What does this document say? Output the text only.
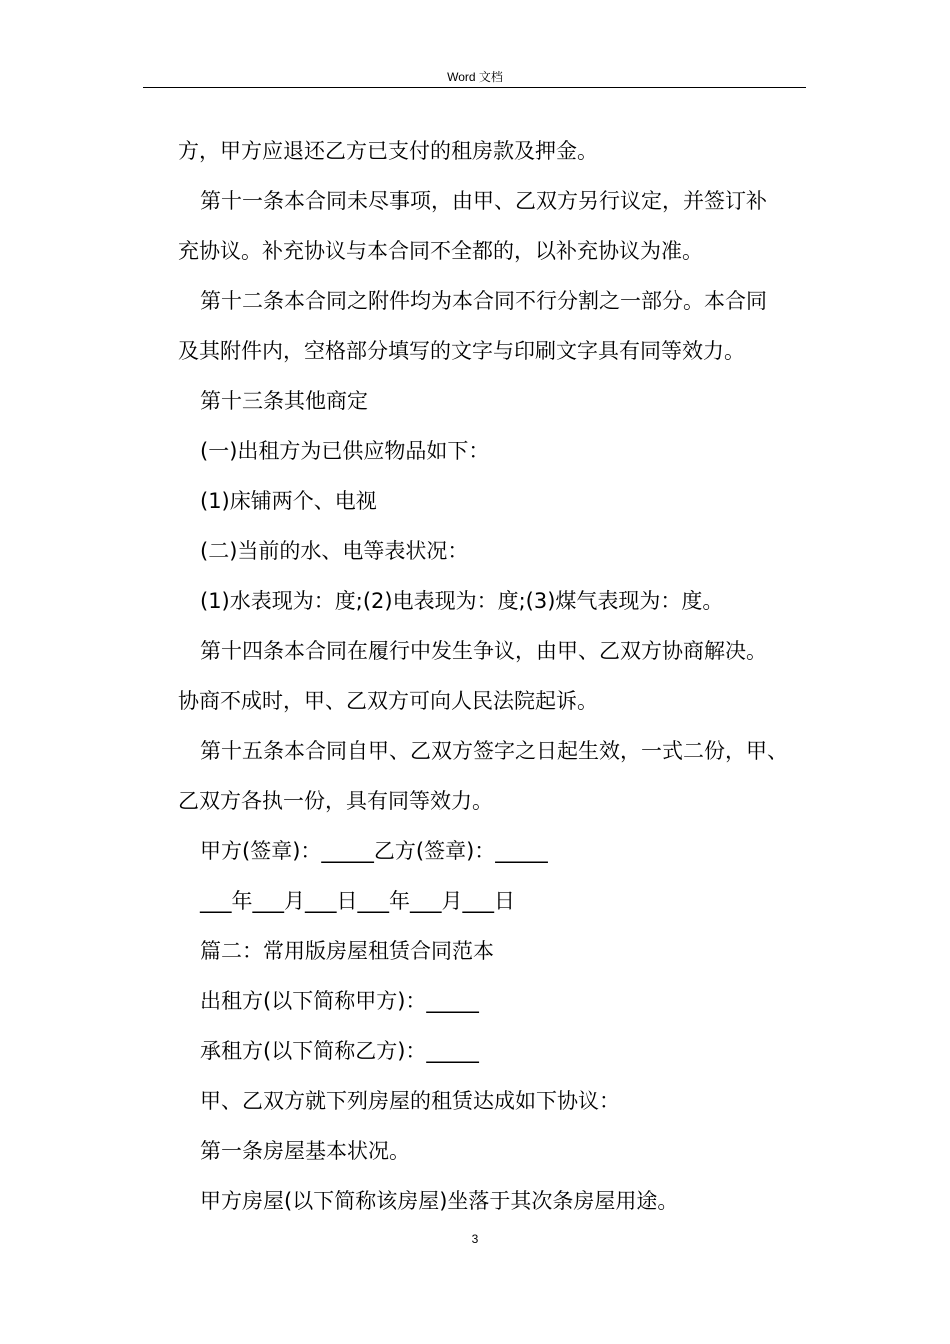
Word 文档
方，甲方应退还乙方已支付的租房款及押金。
第十一条本合同未尽事项，由甲、乙双方另行议定，并签订补
充协议。补充协议与本合同不全都的，以补充协议为准。
第十二条本合同之附件均为本合同不行分割之一部分。本合同
及其附件内，空格部分填写的文字与印刷文字具有同等效力。
第十三条其他商定
(一)出租方为已供应物品如下：
(1)床铺两个、电视
(二)当前的水、电等表状况：
(1)水表现为：度;(2)电表现为：度;(3)煤气表现为：度。
第十四条本合同在履行中发生争议，由甲、乙双方协商解决。
协商不成时，甲、乙双方可向人民法院起诉。
第十五条本合同自甲、乙双方签字之日起生效，一式二份，甲、
乙双方各执一份，具有同等效力。
甲方(签章)：_____乙方(签章)：_____
___年___月___日___年___月___日
篇二：常用版房屋租赁合同范本
出租方(以下简称甲方)：_____
承租方(以下简称乙方)：_____
甲、乙双方就下列房屋的租赁达成如下协议：
第一条房屋基本状况。
甲方房屋(以下简称该房屋)坐落于其次条房屋用途。
3
